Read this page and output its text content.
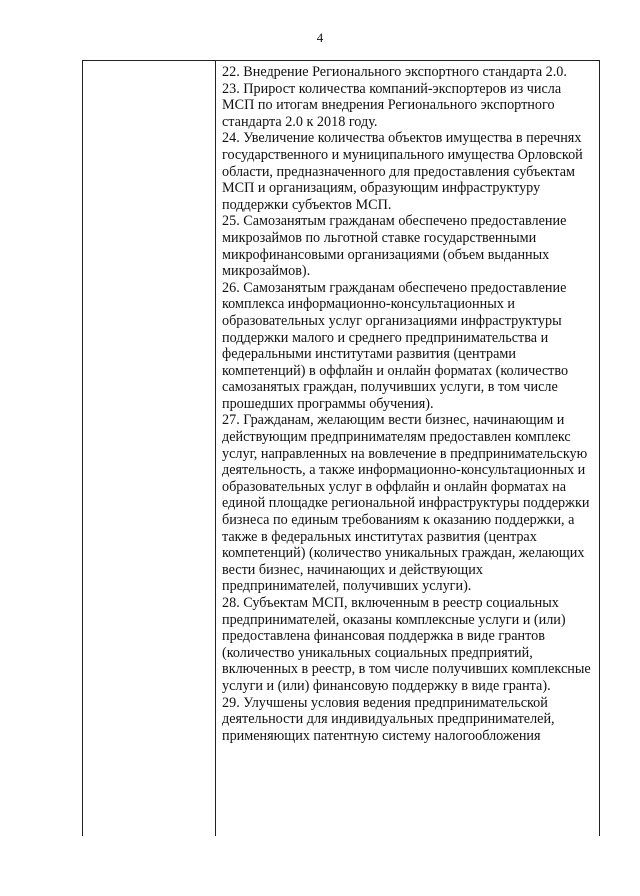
4

22. Внедрение Регионального экспортного стандарта 2.0.

23. Прирост количества компаний-экспортеров из числа МСП по итогам внедрения Регионального экспортного стандарта 2.0 к 2018 году.

24. Увеличение количества объектов имущества в перечнях государственного и муниципального имущества Орловской области, предназначенного для предоставления субъектам МСП и организациям, образующим инфраструктуру поддержки субъектов МСП.

25. Самозанятым гражданам обеспечено предоставление микрозаймов по льготной ставке государственными микрофинансовыми организациями (объем выданных микрозаймов).

26. Самозанятым гражданам обеспечено предоставление комплекса информационно-консультационных и образовательных услуг организациями инфраструктуры поддержки малого и среднего предпринимательства и федеральными институтами развития (центрами компетенций) в оффлайн и онлайн форматах (количество самозанятых граждан, получивших услуги, в том числе прошедших программы обучения).

27. Гражданам, желающим вести бизнес, начинающим и действующим предпринимателям предоставлен комплекс услуг, направленных на вовлечение в предпринимательскую деятельность, а также информационно-консультационных и образовательных услуг в оффлайн и онлайн форматах на единой площадке региональной инфраструктуры поддержки бизнеса по единым требованиям к оказанию поддержки, а также в федеральных институтах развития (центрах компетенций) (количество уникальных граждан, желающих вести бизнес, начинающих и действующих предпринимателей, получивших услуги).

28. Субъектам МСП, включенным в реестр социальных предпринимателей, оказаны комплексные услуги и (или) предоставлена финансовая поддержка в виде грантов (количество уникальных социальных предприятий, включенных в реестр, в том числе получивших комплексные услуги и (или) финансовую поддержку в виде гранта).

29. Улучшены условия ведения предпринимательской деятельности для индивидуальных предпринимателей, применяющих патентную систему налогообложения
